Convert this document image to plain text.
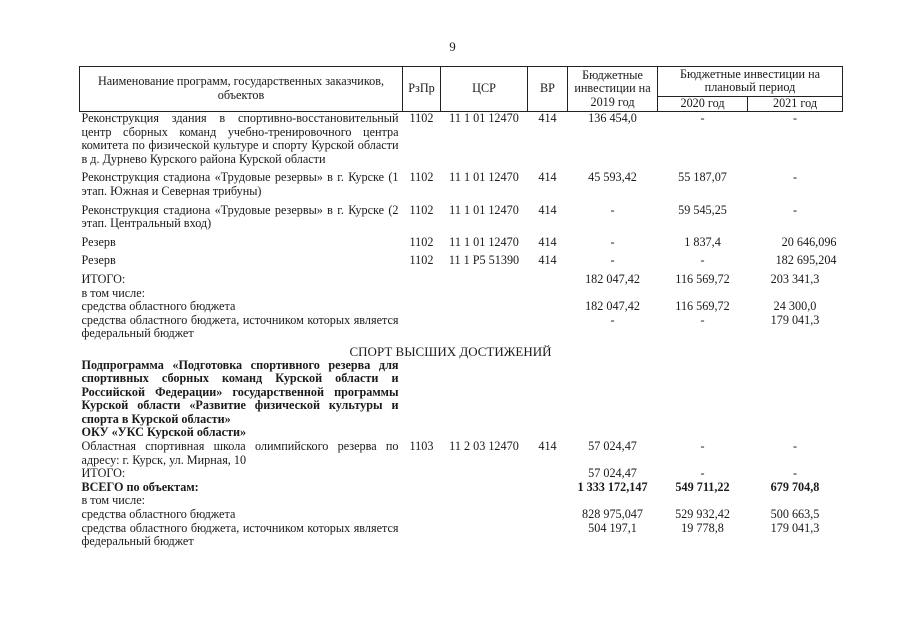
9
Наименование программ, государственных заказчиков, объектов	РзПр	ЦСР	ВР	Бюджетные инвестиции на 2019 год	Бюджетные инвестиции на плановый период	
					2020 год	2021 год
Реконструкция здания в спортивно-восстановительный центр сборных команд учебно-тренировочного центра комитета по физической культуре и спорту Курской области в д. Дурнево Курского района Курской области	1102	11 1 01 12470	414	136 454,0	-	-
Реконструкция стадиона «Трудовые резервы» в г. Курске (1 этап. Южная и Северная трибуны)	1102	11 1 01 12470	414	45 593,42	55 187,07	-
Реконструкция стадиона «Трудовые резервы» в г. Курске (2 этап. Центральный вход)	1102	11 1 01 12470	414	-	59 545,25	-
Резерв	1102	11 1 01 12470	414	-	1 837,4	20 646,096
Резерв	1102	11 1 P5 51390	414	-	-	182 695,204
ИТОГО:				182 047,42	116 569,72	203 341,3
в том числе:						
средства областного бюджета				182 047,42	116 569,72	24 300,0
средства областного бюджета, источником которых является федеральный бюджет				-	-	179 041,3
СПОРТ ВЫСШИХ ДОСТИЖЕНИЙ						
Подпрограмма «Подготовка спортивного резерва для спортивных сборных команд Курской области и Российской Федерации» государственной программы Курской области «Развитие физической культуры и спорта в Курской области»						
ОКУ «УКС Курской области»						
Областная спортивная школа олимпийского резерва по адресу: г. Курск, ул. Мирная, 10	1103	11 2 03 12470	414	57 024,47	-	-
ИТОГО:				57 024,47	-	-
ВСЕГО по объектам:				1 333 172,147	549 711,22	679 704,8
в том числе:						
средства областного бюджета				828 975,047	529 932,42	500 663,5
средства областного бюджета, источником которых является федеральный бюджет				504 197,1	19 778,8	179 041,3
